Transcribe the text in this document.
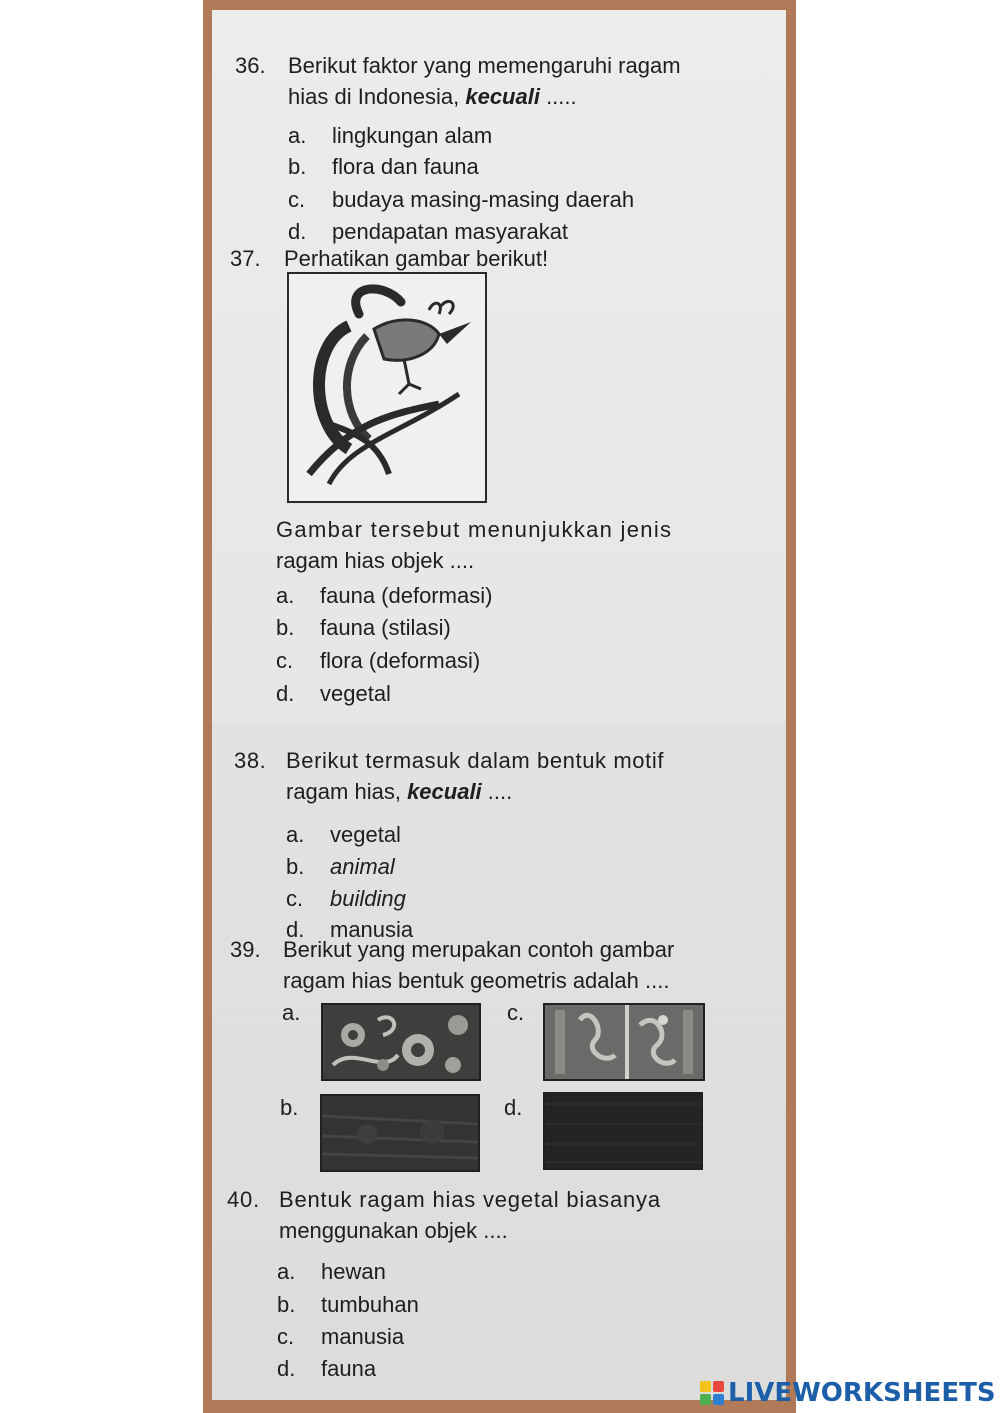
36. Berikut faktor yang memengaruhi ragam
hias di Indonesia, kecuali .....
a. lingkungan alam
b. flora dan fauna
c. budaya masing-masing daerah
d. pendapatan masyarakat
37. Perhatikan gambar berikut!
Gambar tersebut menunjukkan jenis
ragam hias objek ....
a. fauna (deformasi)
b. fauna (stilasi)
c. flora (deformasi)
d. vegetal
38. Berikut termasuk dalam bentuk motif
ragam hias, kecuali ....
a. vegetal
b. animal
c. building
d. manusia
39. Berikut yang merupakan contoh gambar
ragam hias bentuk geometris adalah ....
a.	c.
b.	d.
40. Bentuk ragam hias vegetal biasanya
menggunakan objek ....
a. hewan
b. tumbuhan
c. manusia
d. fauna
LIVEWORKSHEETS
